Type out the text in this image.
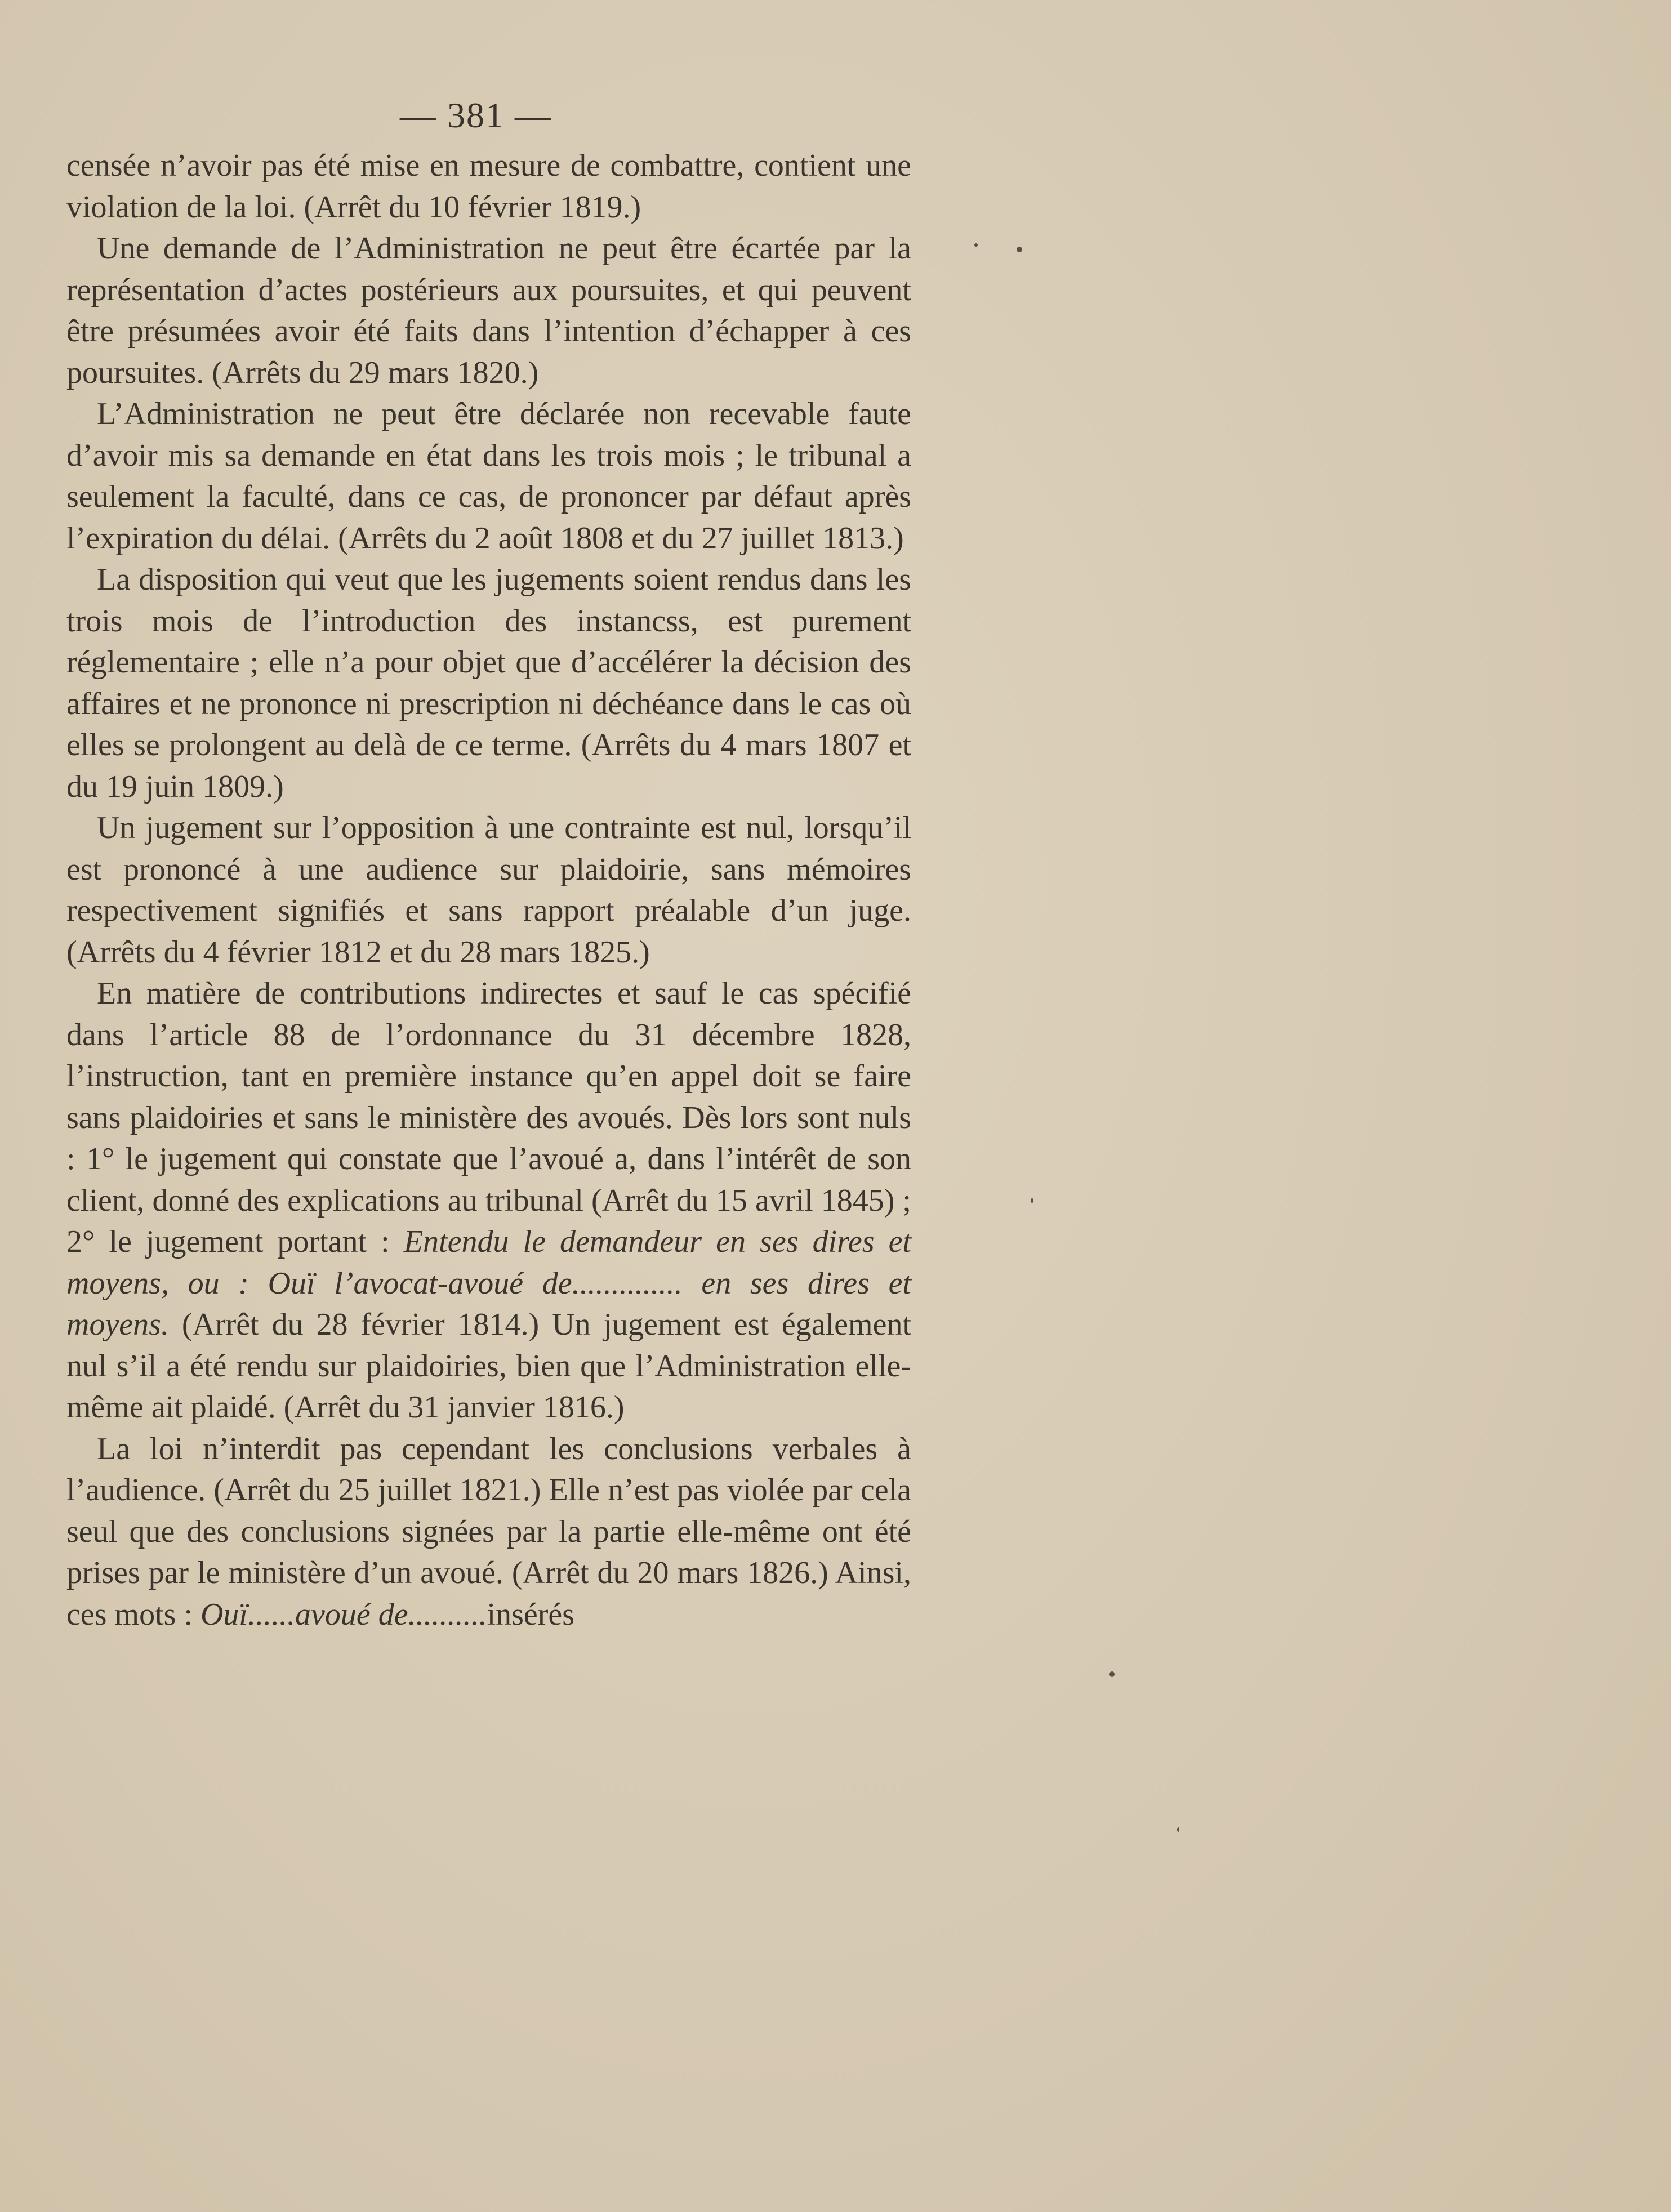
— 381 —

censée n’avoir pas été mise en mesure de combattre, contient une violation de la loi. (Arrêt du 10 février 1819.)

Une demande de l’Administration ne peut être écartée par la représentation d’actes postérieurs aux poursuites, et qui peuvent être présumées avoir été faits dans l’intention d’échapper à ces poursuites. (Arrêts du 29 mars 1820.)

L’Administration ne peut être déclarée non recevable faute d’avoir mis sa demande en état dans les trois mois ; le tribunal a seulement la faculté, dans ce cas, de prononcer par défaut après l’expiration du délai. (Arrêts du 2 août 1808 et du 27 juillet 1813.)

La disposition qui veut que les jugements soient rendus dans les trois mois de l’introduction des instancss, est purement réglementaire ; elle n’a pour objet que d’accélérer la décision des affaires et ne prononce ni prescription ni déchéance dans le cas où elles se prolongent au delà de ce terme. (Arrêts du 4 mars 1807 et du 19 juin 1809.)

Un jugement sur l’opposition à une contrainte est nul, lorsqu’il est prononcé à une audience sur plaidoirie, sans mémoires respectivement signifiés et sans rapport préalable d’un juge. (Arrêts du 4 février 1812 et du 28 mars 1825.)

En matière de contributions indirectes et sauf le cas spécifié dans l’article 88 de l’ordonnance du 31 décembre 1828, l’instruction, tant en première instance qu’en appel doit se faire sans plaidoiries et sans le ministère des avoués. Dès lors sont nuls : 1° le jugement qui constate que l’avoué a, dans l’intérêt de son client, donné des explications au tribunal (Arrêt du 15 avril 1845) ; 2° le jugement portant : Entendu le demandeur en ses dires et moyens, ou : Ouï l’avocat-avoué de.............. en ses dires et moyens. (Arrêt du 28 février 1814.) Un jugement est également nul s’il a été rendu sur plaidoiries, bien que l’Administration elle-même ait plaidé. (Arrêt du 31 janvier 1816.)

La loi n’interdit pas cependant les conclusions verbales à l’audience. (Arrêt du 25 juillet 1821.) Elle n’est pas violée par cela seul que des conclusions signées par la partie elle-même ont été prises par le ministère d’un avoué. (Arrêt du 20 mars 1826.) Ainsi, ces mots : Ouï......avoué de..........insérés
